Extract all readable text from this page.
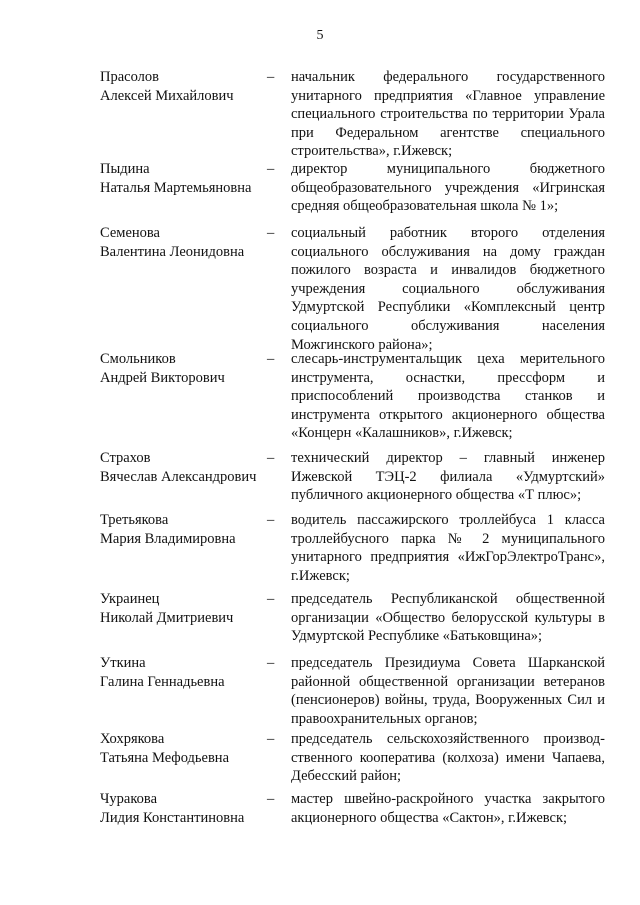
5
Прасолов
Алексей Михайлович
– начальник федерального государственного унитарного предприятия «Главное управление специального строительства по территории Урала при Федеральном агентстве специального строительства», г.Ижевск;
Пыдина
Наталья Мартемьяновна
– директор муниципального бюджетного общеобразовательного учреждения «Игринская средняя общеобразовательная школа № 1»;
Семенова
Валентина Леонидовна
– социальный работник второго отделения социального обслуживания на дому граждан пожилого возраста и инвалидов бюджетного учреждения социального обслуживания Удмуртской Республики «Комплексный центр социального обслуживания населения Можгинского района»;
Смольников
Андрей Викторович
– слесарь-инструментальщик цеха мерительного инструмента, оснастки, прессформ и приспособлений производства станков и инструмента открытого акционерного общества «Концерн «Калашников», г.Ижевск;
Страхов
Вячеслав Александрович
– технический директор – главный инженер Ижевской ТЭЦ-2 филиала «Удмуртский» публичного акционерного общества «Т плюс»;
Третьякова
Мария Владимировна
– водитель пассажирского троллейбуса 1 класса троллейбусного парка № 2 муниципального унитарного предприятия «ИжГорЭлектроТранс», г.Ижевск;
Украинец
Николай Дмитриевич
– председатель Республиканской общественной организации «Общество белорусской культуры в Удмуртской Республике «Батьковщина»;
Уткина
Галина Геннадьевна
– председатель Президиума Совета Шарканской районной общественной организации ветеранов (пенсионеров) войны, труда, Вооруженных Сил и правоохранительных органов;
Хохрякова
Татьяна Мефодьевна
– председатель сельскохозяйственного производ-ственного кооператива (колхоза) имени Чапаева, Дебесский район;
Чуракова
Лидия Константиновна
– мастер швейно-раскройного участка закрытого акционерного общества «Сактон», г.Ижевск;
